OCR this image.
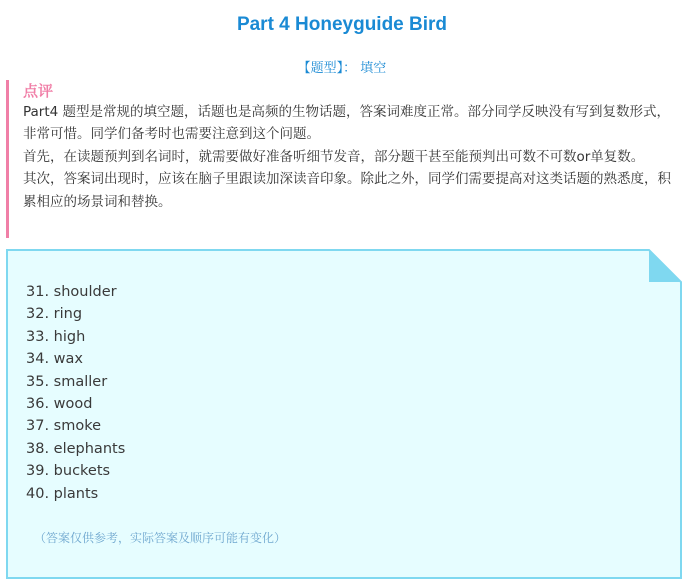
Part 4 Honeyguide Bird
【题型】： 填空
点评

Part4 题型是常规的填空题，话题也是高频的生物话题，答案词难度正常。部分同学反映没有写到复数形式，非常可惜。同学们备考时也需要注意到这个问题。

首先，在读题预判到名词时，就需要做好准备听细节发音，部分题干甚至能预判出可数不可数or单复数。

其次，答案词出现时，应该在脑子里跟读加深读音印象。除此之外，同学们需要提高对这类话题的熟悉度，积累相应的场景词和替换。

31. shoulder
32. ring
33. high
34. wax
35. smaller
36. wood
37. smoke
38. elephants
39. buckets
40. plants
（答案仅供参考，实际答案及顺序可能有变化）
